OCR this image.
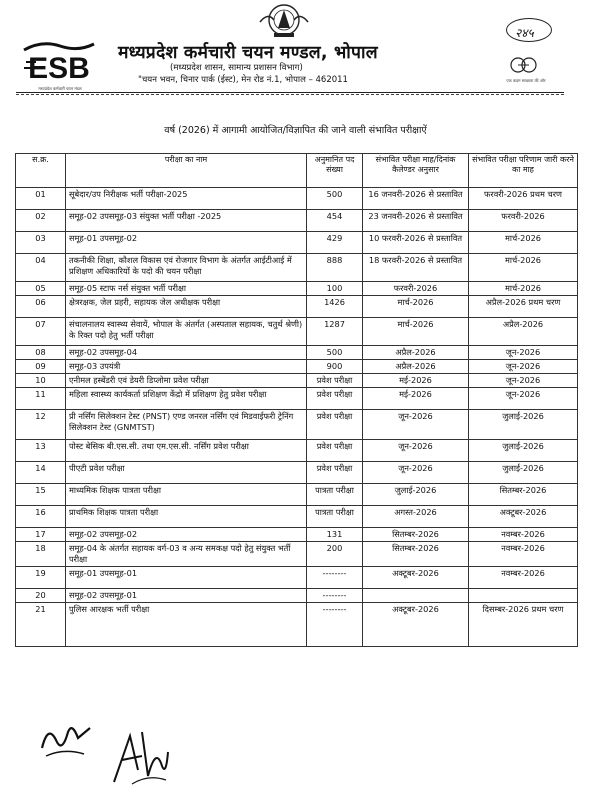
ESB
मध्यप्रदेश कर्मचारी चयन मंडल
मध्यप्रदेश कर्मचारी चयन मण्डल, भोपाल
(मध्यप्रदेश शासन, सामान्य प्रशासन विभाग)
"चयन भवन, चिनार पार्क (ईस्ट), मेन रोड नं.1, भोपाल – 462011
२४५
एक कदम स्वच्छता की ओर
वर्ष (2026) में आगामी आयोजित/विज्ञापित की जाने वाली संभावित परीक्षाऐं
स.क्र.	परीक्षा का नाम	अनुमानित पद संख्या	संभावित परीक्षा माह/दिनांक कैलेण्डर अनुसार	संभावित परीक्षा परिणाम जारी करने का माह
01	सूबेदार/उप निरीक्षक भर्ती परीक्षा-2025	500	16 जनवरी-2026 से प्रस्तावित	फरवरी-2026 प्रथम चरण
02	समूह-02 उपसमूह-03 संयुक्त भर्ती परीक्षा -2025	454	23 जनवरी-2026 से प्रस्तावित	फरवरी-2026
03	समूह-01 उपसमूह-02	429	10 फरवरी-2026 से प्रस्तावित	मार्च-2026
04	तकनीकी शिक्षा, कौशल विकास एवं रोजगार विभाग के अंतर्गत आईटीआई में प्रशिक्षण अधिकारियों के पदो की चयन परीक्षा	888	18 फरवरी-2026 से प्रस्तावित	मार्च-2026
05	समूह-05 स्टाफ नर्स संयुक्त भर्ती परीक्षा	100	फरवरी-2026	मार्च-2026
06	क्षेत्ररक्षक, जेल प्रहरी, सहायक जेल अधीक्षक परीक्षा	1426	मार्च-2026	अप्रैल-2026 प्रथम चरण
07	संचालनालय स्वास्थ्य सेवायें, भोपाल के अंतर्गत (अस्पताल सहायक, चतुर्थ श्रेणी) के रिक्त पदो हेतु भर्ती परीक्षा	1287	मार्च-2026	अप्रैल-2026
08	समूह-02 उपसमूह-04	500	अप्रैल-2026	जून-2026
09	समूह-03 उपयंत्री	900	अप्रैल-2026	जून-2026
10	एनीमल हस्बेंडरी एवं डेयरी डिप्लोमा प्रवेश परीक्षा	प्रवेश परीक्षा	मई-2026	जून-2026
11	महिला स्वास्थ्य कार्यकर्ता प्रशिक्षण केंद्रो में प्रशिक्षण हेतु प्रवेश परीक्षा	प्रवेश परीक्षा	मई-2026	जून-2026
12	प्री नर्सिंग सिलेक्शन टेस्ट (PNST) एण्ड जनरल नर्सिंग एवं मिडवाईफरी ट्रेनिंग सिलेक्शन टेस्ट (GNMTST)	प्रवेश परीक्षा	जून-2026	जुलाई-2026
13	पोस्ट बेसिक बी.एस.सी. तथा एम.एस.सी. नर्सिंग प्रवेश परीक्षा	प्रवेश परीक्षा	जून-2026	जुलाई-2026
14	पीएटी प्रवेश परीक्षा	प्रवेश परीक्षा	जून-2026	जुलाई-2026
15	माध्यमिक शिक्षक पात्रता परीक्षा	पात्रता परीक्षा	जुलाई-2026	सितम्बर-2026
16	प्राथमिक शिक्षक पात्रता परीक्षा	पात्रता परीक्षा	अगस्त-2026	अक्टूबर-2026
17	समूह-02 उपसमूह-02	131	सितम्बर-2026	नवम्बर-2026
18	समूह-04 के अंतर्गत सहायक वर्ग-03 व अन्य समकक्ष पदो हेतु संयुक्त भर्ती परीक्षा	200	सितम्बर-2026	नवम्बर-2026
19	समूह-01 उपसमूह-01	--------	अक्टूबर-2026	नवम्बर-2026
20	समूह-02 उपसमूह-01	--------		
21	पुलिस आरक्षक भर्ती परीक्षा	--------	अक्टूबर-2026	दिसम्बर-2026 प्रथम चरण
